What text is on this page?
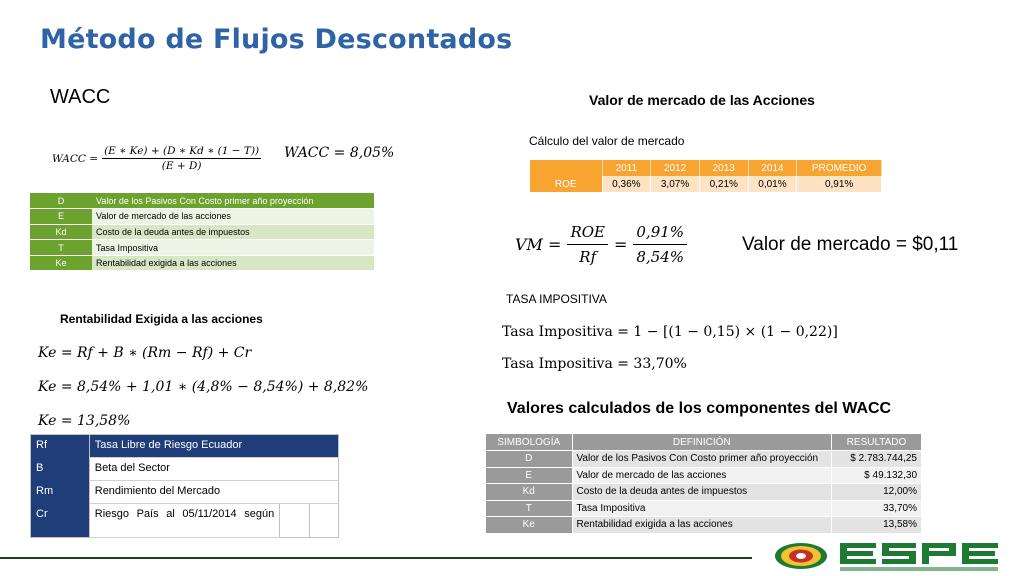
Método de Flujos Descontados
WACC
WACC = $\frac{(E ∗ Ke) + (D ∗ Kd ∗ (1 - T))}{(E + D)}$ WACC = 8,05%
D	Valor de los Pasivos Con Costo primer año proyección
E	Valor de mercado de las acciones
Kd	Costo de la deuda antes de impuestos
T	Tasa Impositiva
Ke	Rentabilidad exigida a las acciones
Rentabilidad Exigida a las acciones
Ke = Rf + B ∗ (Rm − Rf) + Cr
Ke = 8,54% + 1,01 ∗ (4,8% − 8,54%) + 8,82%
Ke = 13,58%
Rf	Tasa Libre de Riesgo Ecuador		
B	Beta del Sector		
Rm	Rendimiento del Mercado		
Cr	Riesgo País al 05/11/2014 según		
Valor de mercado de las Acciones
Cálculo del valor de mercado
	2011	2012	2013	2014	PROMEDIO
ROE	0,36%	3,07%	0,21%	0,01%	0,91%
VM = $\frac{\text{ROE}}{Rf} = \frac{0,91\%}{8,54\%}$	Valor de mercado = $0,11
TASA IMPOSITIVA
Tasa Impositiva = 1 − [(1 − 0,15) × (1 − 0,22)]
Tasa Impositiva = 33,70%
Valores calculados de los componentes del WACC
SIMBOLOGÍA	DEFINICIÓN	RESULTADO
D	Valor de los Pasivos Con Costo primer año proyección	$ 2.783.744,25
E	Valor de mercado de las acciones	$ 49.132,30
Kd	Costo de la deuda antes de impuestos	12,00%
T	Tasa Impositiva	33,70%
Ke	Rentabilidad exigida a las acciones	13,58%
